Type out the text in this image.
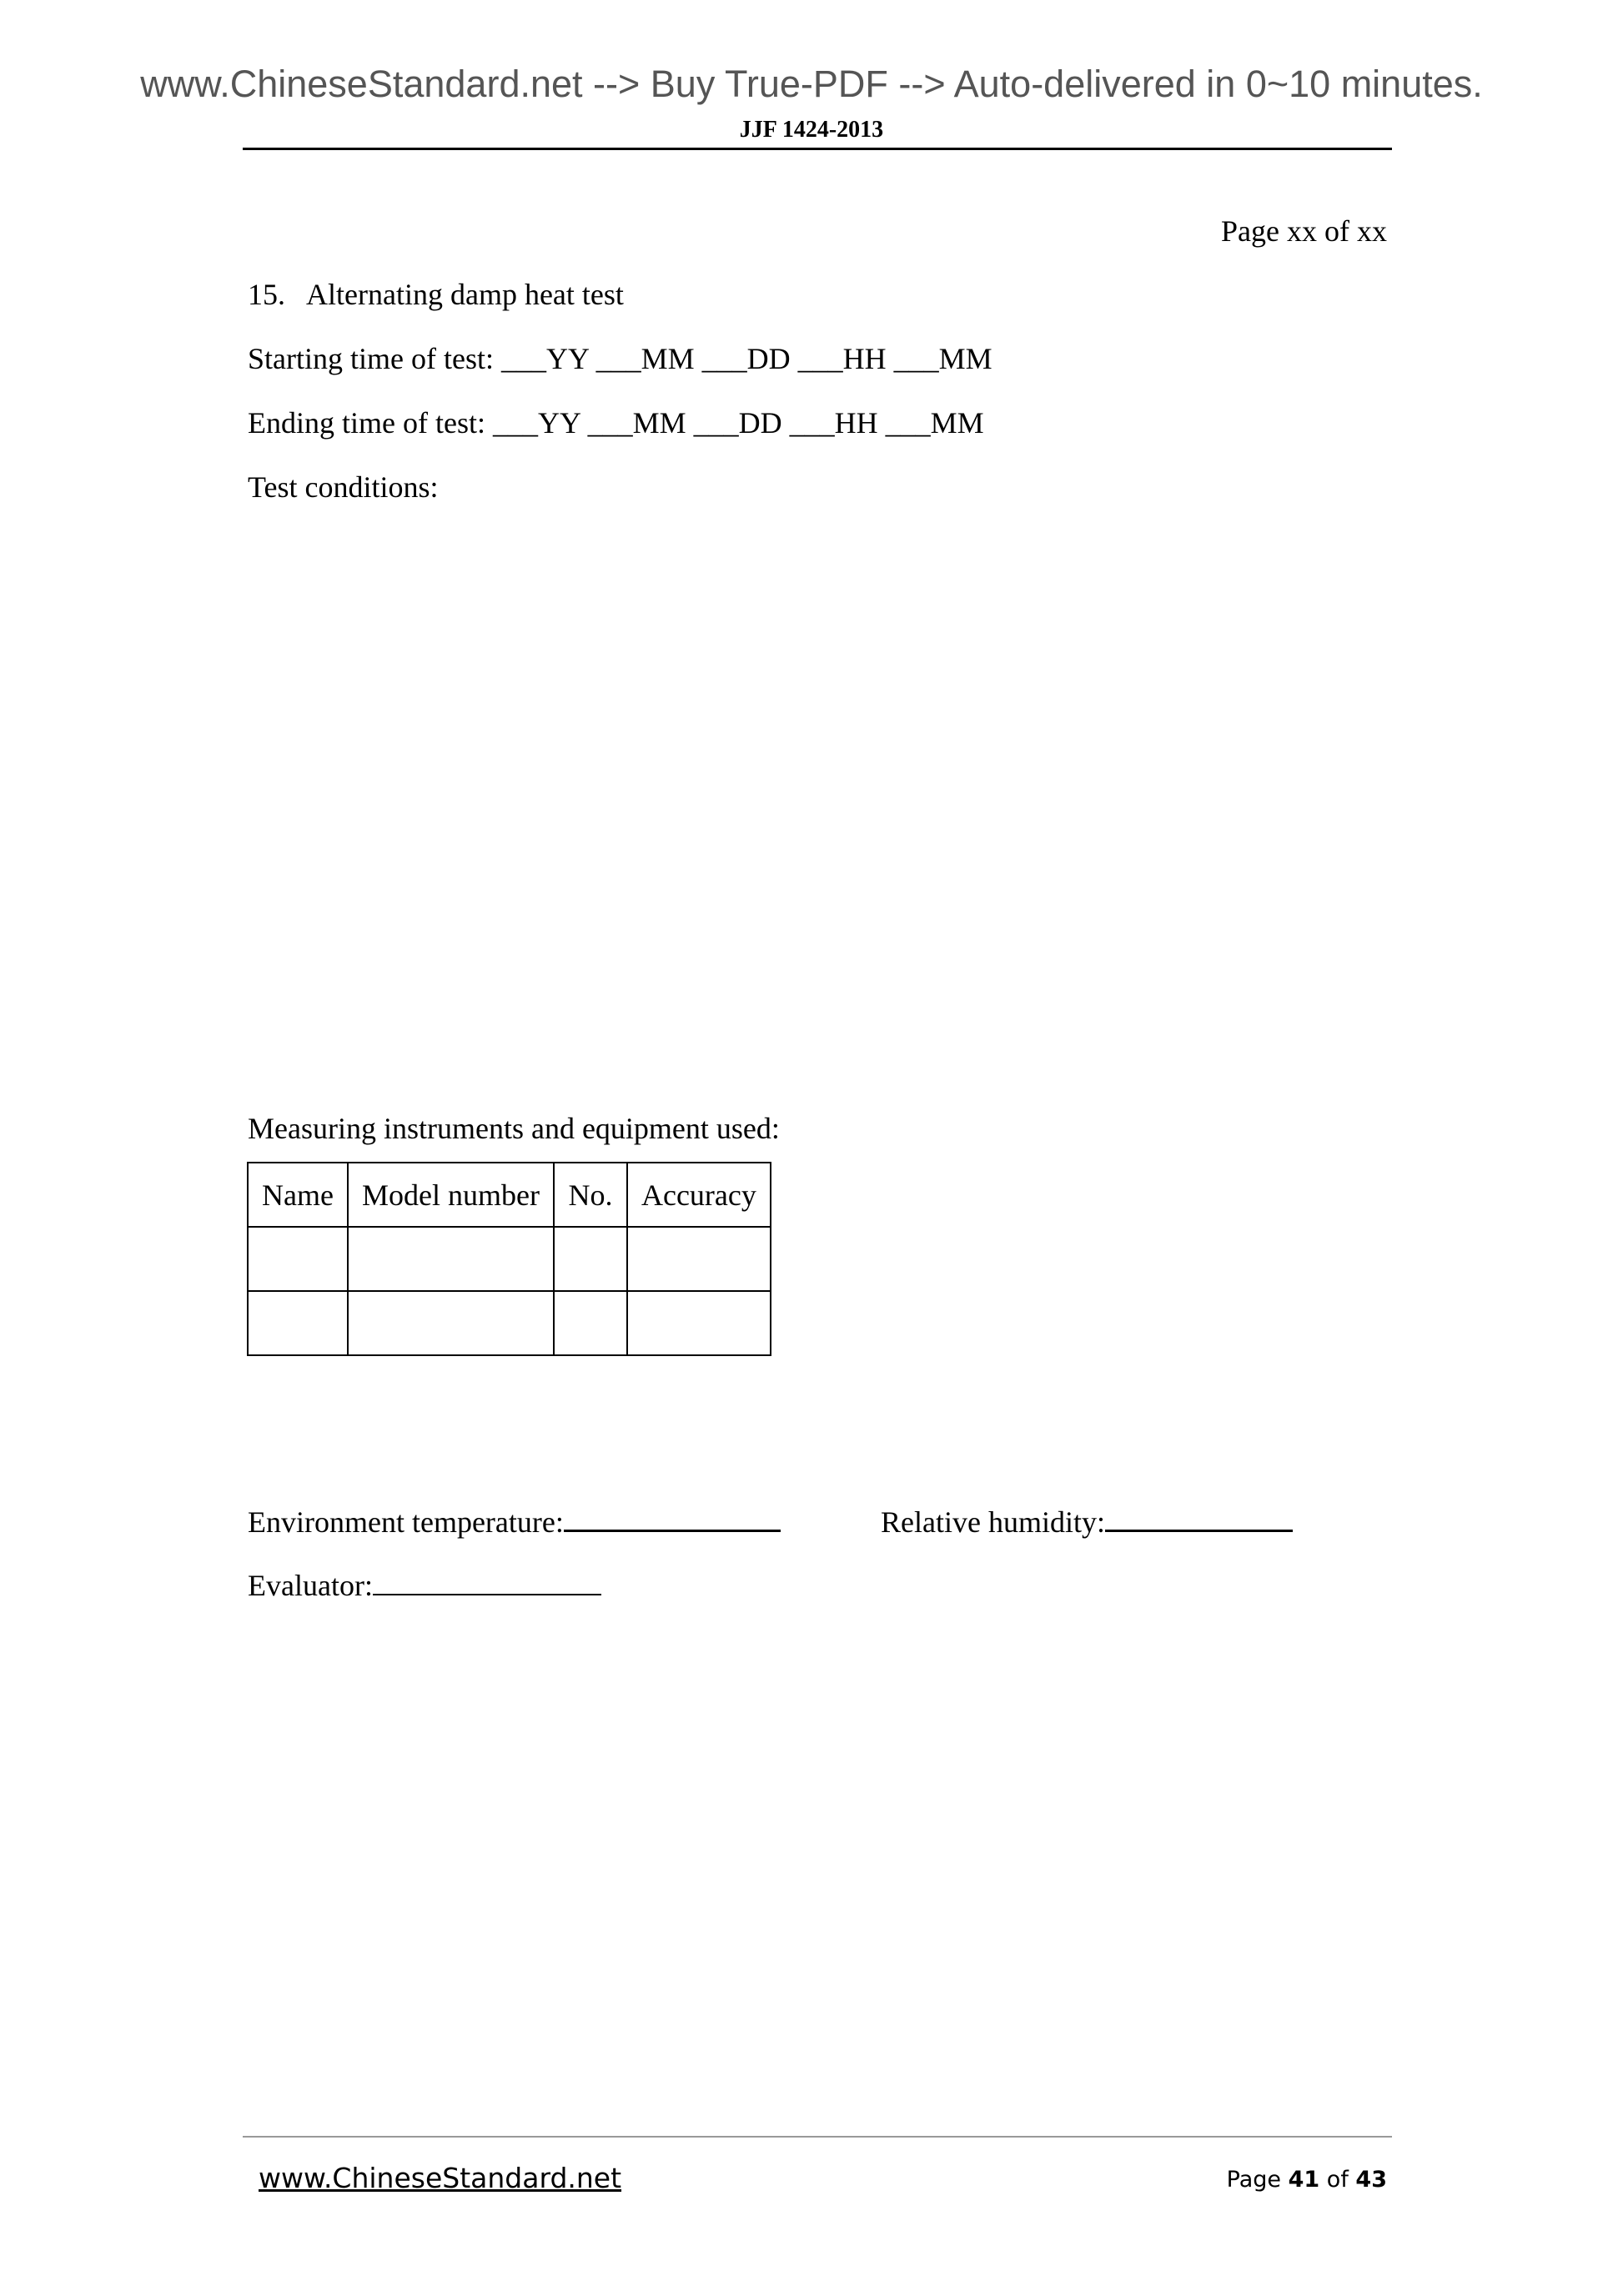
www.ChineseStandard.net --> Buy True-PDF --> Auto-delivered in 0~10 minutes.
JJF 1424-2013
Page xx of xx
15. Alternating damp heat test
Starting time of test: ___YY ___MM ___DD ___HH ___MM
Ending time of test: ___YY ___MM ___DD ___HH ___MM
Test conditions:
Measuring instruments and equipment used:
Name	Model number	No.	Accuracy

Environment temperature:	Relative humidity:
Evaluator:
www.ChineseStandard.net	Page 41 of 43
